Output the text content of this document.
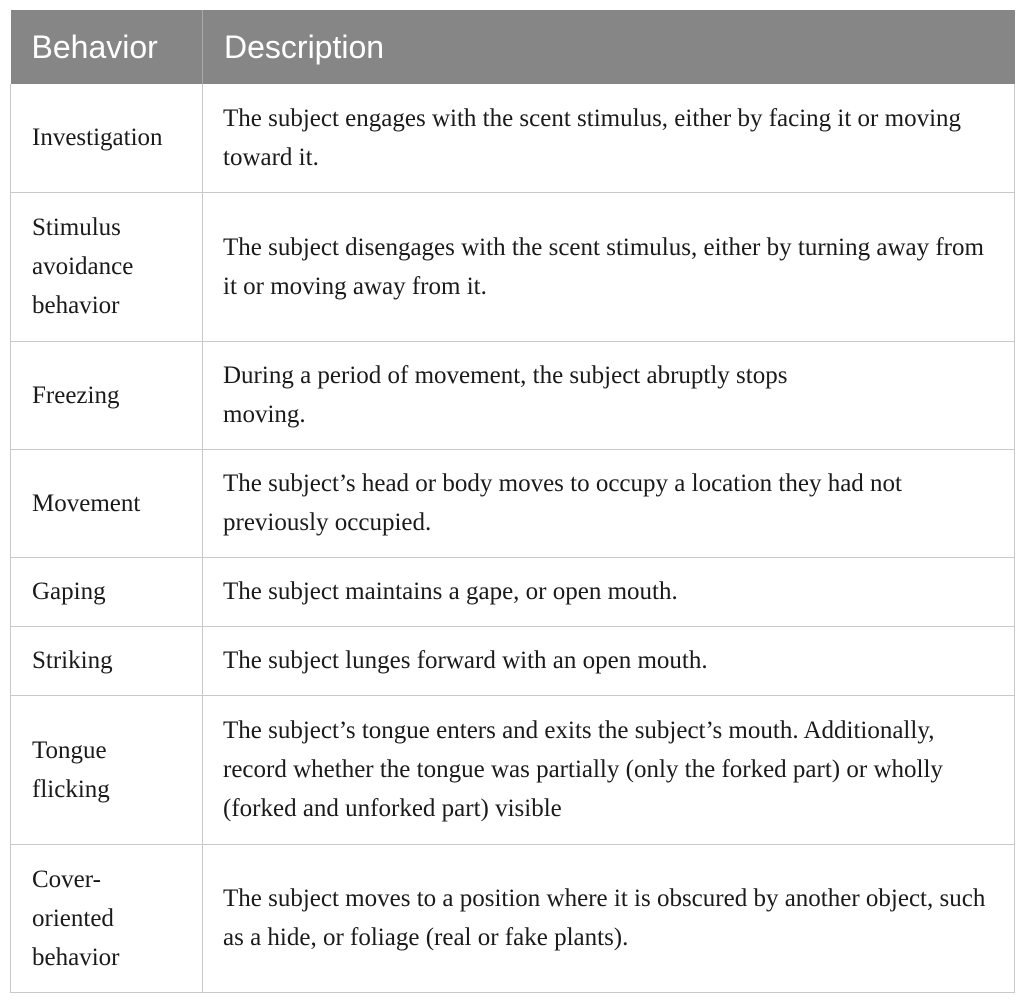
Behavior	Description
Investigation	The subject engages with the scent stimulus, either by facing it or moving toward it.
Stimulus avoidance behavior	The subject disengages with the scent stimulus, either by turning away from it or moving away from it.
Freezing	During a period of movement, the subject abruptly stops moving.
Movement	The subject’s head or body moves to occupy a location they had not previously occupied.
Gaping	The subject maintains a gape, or open mouth.
Striking	The subject lunges forward with an open mouth.
Tongue flicking	The subject’s tongue enters and exits the subject’s mouth. Additionally, record whether the tongue was partially (only the forked part) or wholly (forked and unforked part) visible
Cover-oriented behavior	The subject moves to a position where it is obscured by another object, such as a hide, or foliage (real or fake plants).
